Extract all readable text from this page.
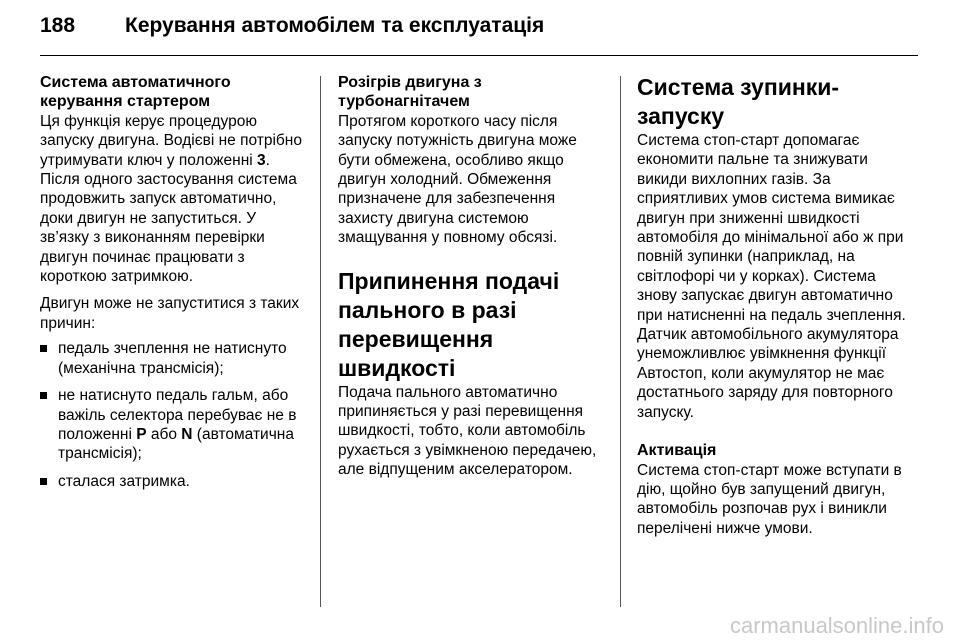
188 Керування автомобілем та експлуатація
Система автоматичного керування стартером

Ця функція керує процедурою запуску двигуна. Водієві не потрібно утримувати ключ у положенні 3. Після одного застосування система продовжить запуск автоматично, доки двигун не запуститься. У зв’язку з виконанням перевірки двигун починає працювати з короткою затримкою.

Двигун може не запуститися з таких причин:

педаль зчеплення не натиснуто (механічна трансмісія);
не натиснуто педаль гальм, або важіль селектора перебуває не в положенні P або N (автоматична трансмісія);
сталася затримка.
Розігрів двигуна з турбонагнітачем

Протягом короткого часу після запуску потужність двигуна може бути обмежена, особливо якщо двигун холодний. Обмеження призначене для забезпечення захисту двигуна системою змащування у повному обсязі.

Припинення подачі пального в разі перевищення швидкості

Подача пального автоматично припиняється у разі перевищення швидкості, тобто, коли автомобіль рухається з увімкненою передачею, але відпущеним акселератором.

Система зупинки-запуску

Система стоп-старт допомагає економити пальне та знижувати викиди вихлопних газів. За сприятливих умов система вимикає двигун при зниженні швидкості автомобіля до мінімальної або ж при повній зупинки (наприклад, на світлофорі чи у корках). Система знову запускає двигун автоматично при натисненні на педаль зчеплення. Датчик автомобільного акумулятора унеможливлює увімкнення функції Автостоп, коли акумулятор не має достатнього заряду для повторного запуску.

Активація

Система стоп-старт може вступати в дію, щойно був запущений двигун, автомобіль розпочав рух і виникли перелічені нижче умови.

carmanualsonline.info
